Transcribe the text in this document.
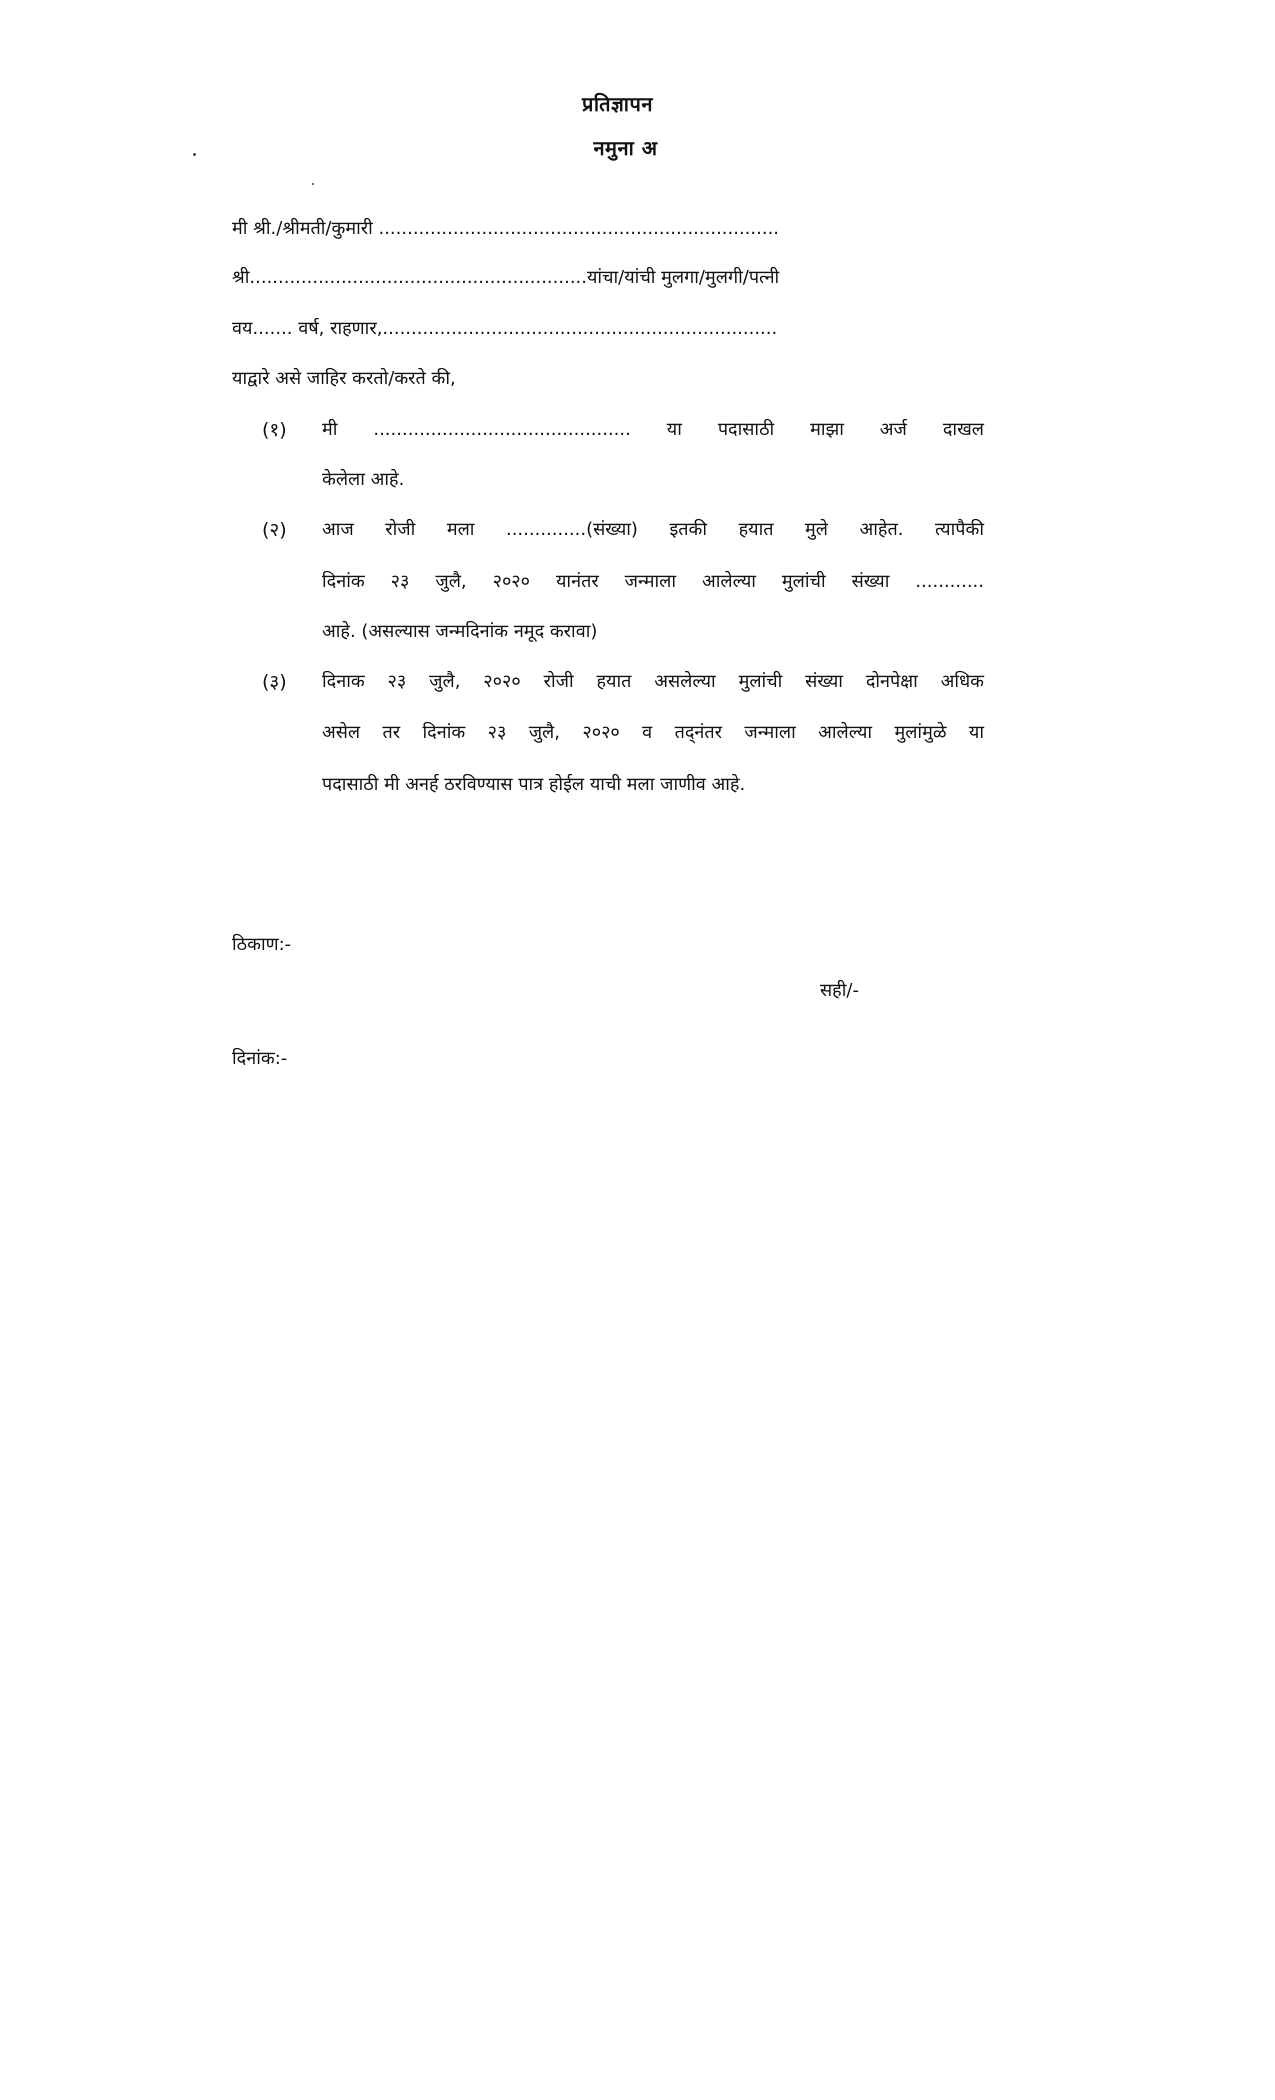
प्रतिज्ञापन
नमुना अ
मी श्री./श्रीमती/कुमारी ......................................................................
श्री...........................................................यांचा/यांची मुलगा/मुलगी/पत्नी
वय....... वर्ष, राहणार,.....................................................................
याद्वारे असे जाहिर करतो/करते की,
(१) मी ............................................. या पदासाठी माझा अर्ज दाखल
केलेला आहे.
(२) आज रोजी मला ..............(संख्या) इतकी हयात मुले आहेत. त्यापैकी
दिनांक २३ जुलै, २०२० यानंतर जन्माला आलेल्या मुलांची संख्या ............
आहे. (असल्यास जन्मदिनांक नमूद करावा)
(३) दिनाक २३ जुलै, २०२० रोजी हयात असलेल्या मुलांची संख्या दोनपेक्षा अधिक
असेल तर दिनांक २३ जुलै, २०२० व तद्नंतर जन्माला आलेल्या मुलांमुळे या
पदासाठी मी अनर्ह ठरविण्यास पात्र होईल याची मला जाणीव आहे.
ठिकाण:-
सही/-
दिनांक:-
